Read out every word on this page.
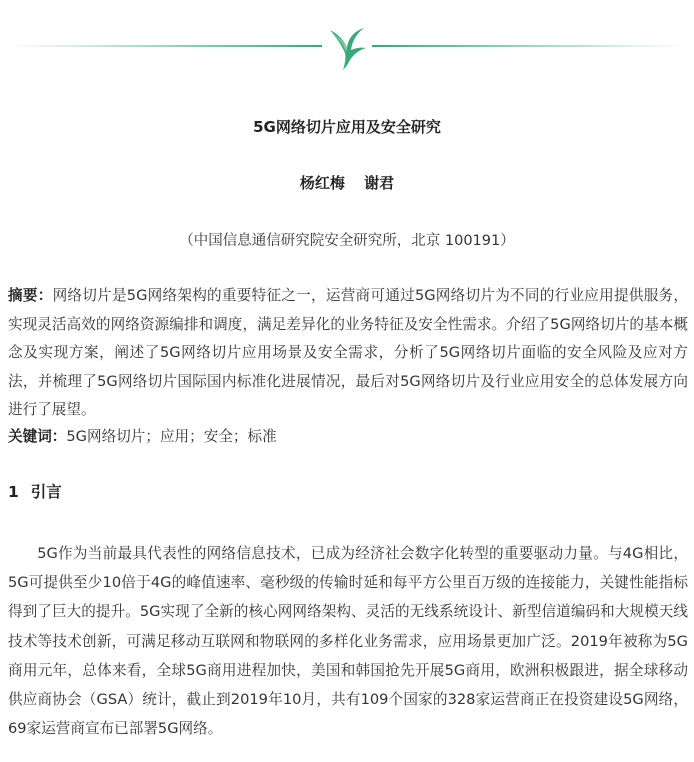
5G网络切片应用及安全研究
杨红梅 谢君
（中国信息通信研究院安全研究所，北京 100191）
摘要：网络切片是5G网络架构的重要特征之一，运营商可通过5G网络切片为不同的行业应用提供服务，实现灵活高效的网络资源编排和调度，满足差异化的业务特征及安全性需求。介绍了5G网络切片的基本概念及实现方案，阐述了5G网络切片应用场景及安全需求，分析了5G网络切片面临的安全风险及应对方法，并梳理了5G网络切片国际国内标准化进展情况，最后对5G网络切片及行业应用安全的总体发展方向进行了展望。
关键词：5G网络切片；应用；安全；标准
1 引言
5G作为当前最具代表性的网络信息技术，已成为经济社会数字化转型的重要驱动力量。与4G相比，5G可提供至少10倍于4G的峰值速率、毫秒级的传输时延和每平方公里百万级的连接能力，关键性能指标得到了巨大的提升。5G实现了全新的核心网网络架构、灵活的无线系统设计、新型信道编码和大规模天线技术等技术创新，可满足移动互联网和物联网的多样化业务需求，应用场景更加广泛。2019年被称为5G商用元年，总体来看，全球5G商用进程加快，美国和韩国抢先开展5G商用，欧洲积极跟进，据全球移动供应商协会（GSA）统计，截止到2019年10月，共有109个国家的328家运营商正在投资建设5G网络，69家运营商宣布已部署5G网络。
